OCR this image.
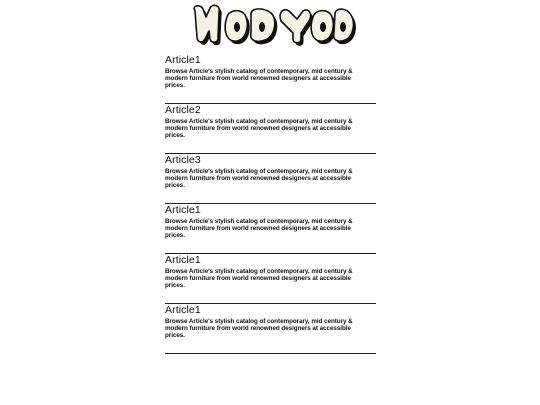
Article1

Browse Article's stylish catalog of contemporary, mid century & modern furniture from world renowned designers at accessible prices.

Article2

Browse Article's stylish catalog of contemporary, mid century & modern furniture from world renowned designers at accessible prices.

Article3

Browse Article's stylish catalog of contemporary, mid century & modern furniture from world renowned designers at accessible prices.

Article1

Browse Article's stylish catalog of contemporary, mid century & modern furniture from world renowned designers at accessible prices.

Article1

Browse Article's stylish catalog of contemporary, mid century & modern furniture from world renowned designers at accessible prices.

Article1

Browse Article's stylish catalog of contemporary, mid century & modern furniture from world renowned designers at accessible prices.
